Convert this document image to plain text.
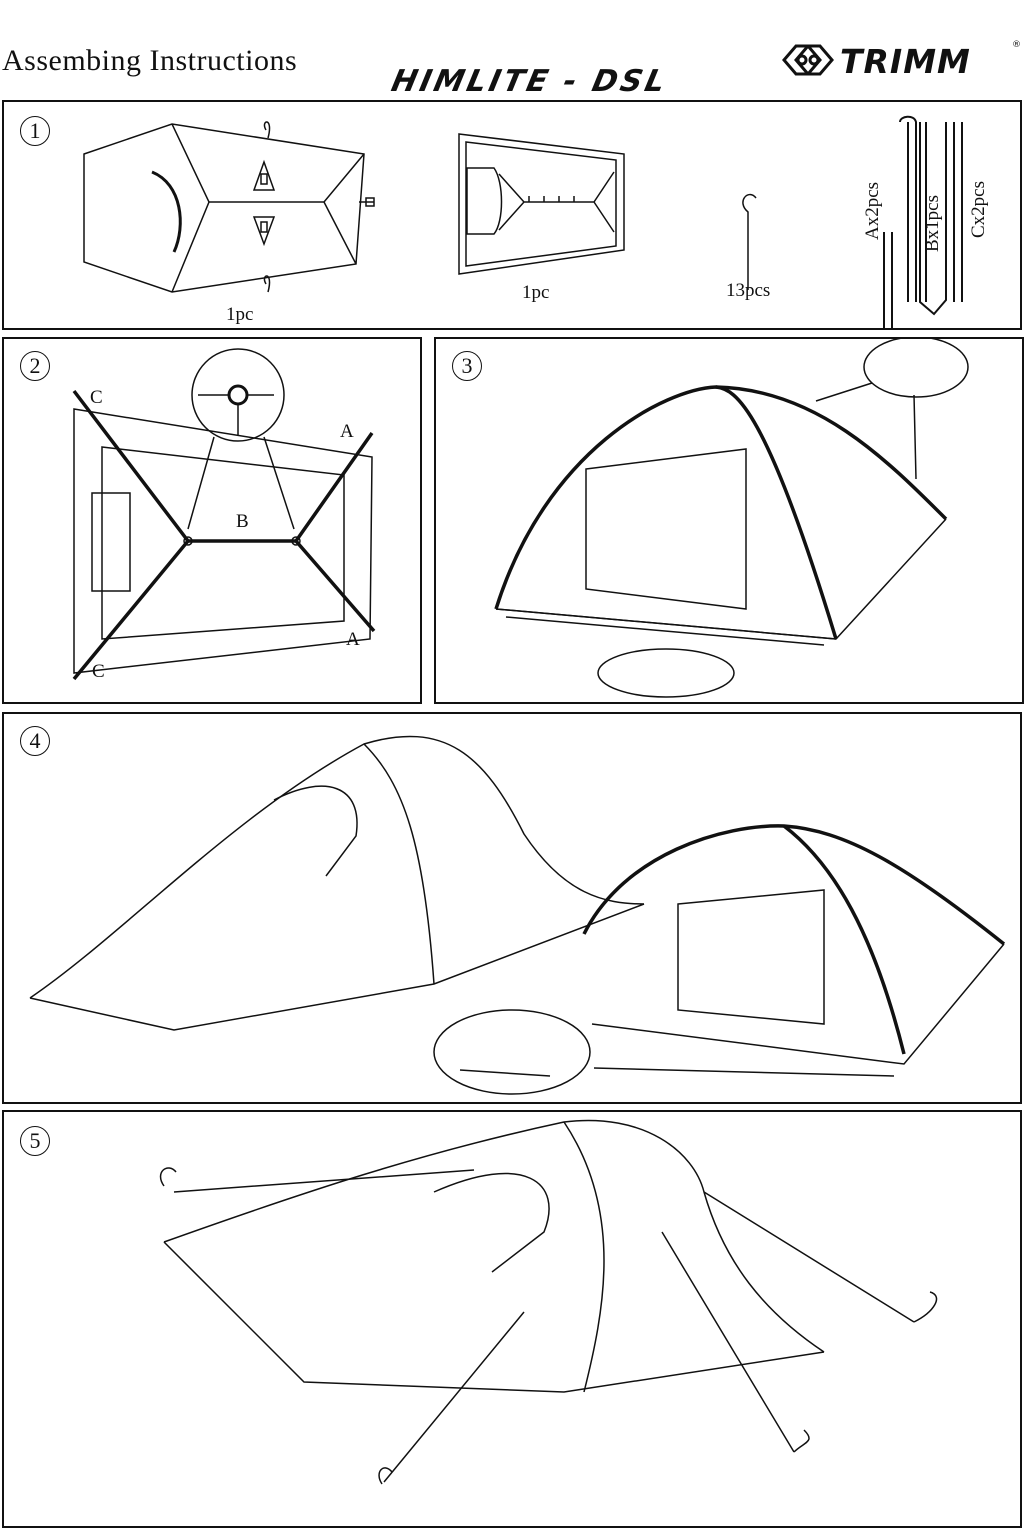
Assembing Instructions
HIMLITE - DSL
TRIMM	®
1
1pc
1pc	13pcs
Ax2pcs Bx1pcs Cx2pcs
2
C
A
B
A
C
3
4
5
